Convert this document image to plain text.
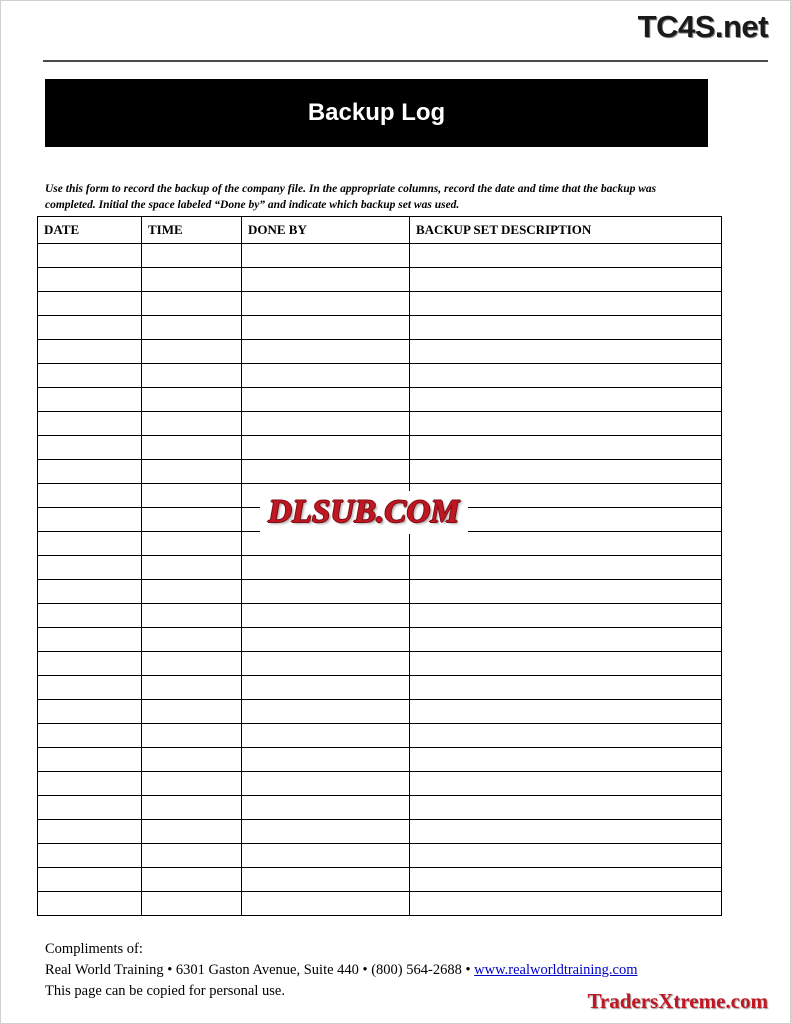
TC4S.net
Backup Log

Use this form to record the backup of the company file. In the appropriate columns, record the date and time that the backup was completed. Initial the space labeled “Done by” and indicate which backup set was used.

DATE	TIME	DONE BY	BACKUP SET DESCRIPTION

DLSUB.COM
Compliments of:
Real World Training • 6301 Gaston Avenue, Suite 440 • (800) 564-2688 • www.realworldtraining.com
This page can be copied for personal use.	TradersXtreme.com
